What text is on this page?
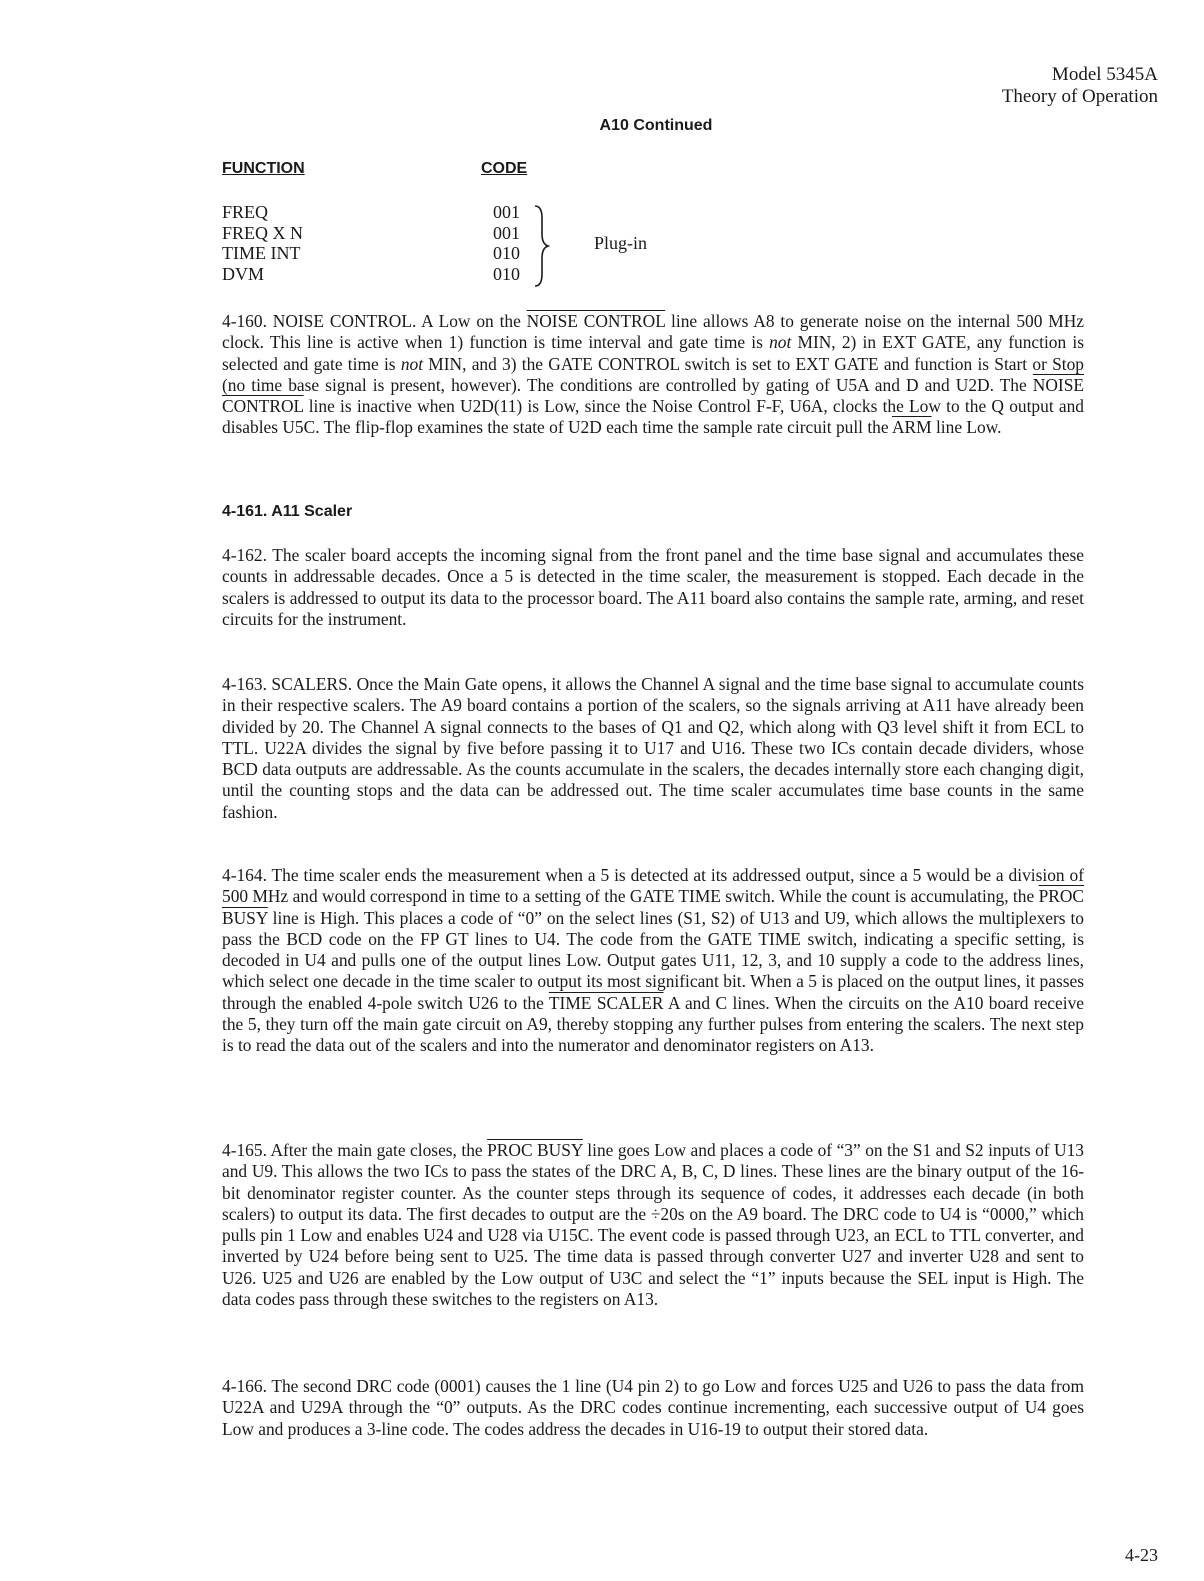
Model 5345A
Theory of Operation
A10 Continued
FUNCTION	CODE
FREQ	001
FREQ X N	001
TIME INT	010
DVM	010
Plug-in
4-160. NOISE CONTROL. A Low on the NOISE CONTROL line allows A8 to generate noise on the internal 500 MHz clock. This line is active when 1) function is time interval and gate time is not MIN, 2) in EXT GATE, any function is selected and gate time is not MIN, and 3) the GATE CONTROL switch is set to EXT GATE and function is Start or Stop (no time base signal is present, however). The conditions are controlled by gating of U5A and D and U2D. The NOISE CONTROL line is inactive when U2D(11) is Low, since the Noise Control F-F, U6A, clocks the Low to the Q output and disables U5C. The flip-flop examines the state of U2D each time the sample rate circuit pull the $\overline{ARM}$ line Low.
4-161. A11 Scaler
4-162. The scaler board accepts the incoming signal from the front panel and the time base signal and accumulates these counts in addressable decades. Once a 5 is detected in the time scaler, the measurement is stopped. Each decade in the scalers is addressed to output its data to the processor board. The A11 board also contains the sample rate, arming, and reset circuits for the instrument.
4-163. SCALERS. Once the Main Gate opens, it allows the Channel A signal and the time base signal to accumulate counts in their respective scalers. The A9 board contains a portion of the scalers, so the signals arriving at A11 have already been divided by 20. The Channel A signal connects to the bases of Q1 and Q2, which along with Q3 level shift it from ECL to TTL. U22A divides the signal by five before passing it to U17 and U16. These two ICs contain decade dividers, whose BCD data outputs are addressable. As the counts accumulate in the scalers, the decades internally store each changing digit, until the counting stops and the data can be addressed out. The time scaler accumulates time base counts in the same fashion.
4-164. The time scaler ends the measurement when a 5 is detected at its addressed output, since a 5 would be a division of 500 MHz and would correspond in time to a setting of the GATE TIME switch. While the count is accumulating, the PROC BUSY line is High. This places a code of “0” on the select lines (S1, S2) of U13 and U9, which allows the multiplexers to pass the BCD code on the FP GT lines to U4. The code from the GATE TIME switch, indicating a specific setting, is decoded in U4 and pulls one of the output lines Low. Output gates U11, 12, 3, and 10 supply a code to the address lines, which select one decade in the time scaler to output its most significant bit. When a 5 is placed on the output lines, it passes through the enabled 4-pole switch U26 to the TIME SCALER A and C lines. When the circuits on the A10 board receive the 5, they turn off the main gate circuit on A9, thereby stopping any further pulses from entering the scalers. The next step is to read the data out of the scalers and into the numerator and denominator registers on A13.
4-165. After the main gate closes, the PROC BUSY line goes Low and places a code of “3” on the S1 and S2 inputs of U13 and U9. This allows the two ICs to pass the states of the DRC A, B, C, D lines. These lines are the binary output of the 16-bit denominator register counter. As the counter steps through its sequence of codes, it addresses each decade (in both scalers) to output its data. The first decades to output are the ÷20s on the A9 board. The DRC code to U4 is “0000,” which pulls pin 1 Low and enables U24 and U28 via U15C. The event code is passed through U23, an ECL to TTL converter, and inverted by U24 before being sent to U25. The time data is passed through converter U27 and inverter U28 and sent to U26. U25 and U26 are enabled by the Low output of U3C and select the “1” inputs because the SEL input is High. The data codes pass through these switches to the registers on A13.
4-166. The second DRC code (0001) causes the 1 line (U4 pin 2) to go Low and forces U25 and U26 to pass the data from U22A and U29A through the “0” outputs. As the DRC codes continue incrementing, each successive output of U4 goes Low and produces a 3-line code. The codes address the decades in U16-19 to output their stored data.
4-23
